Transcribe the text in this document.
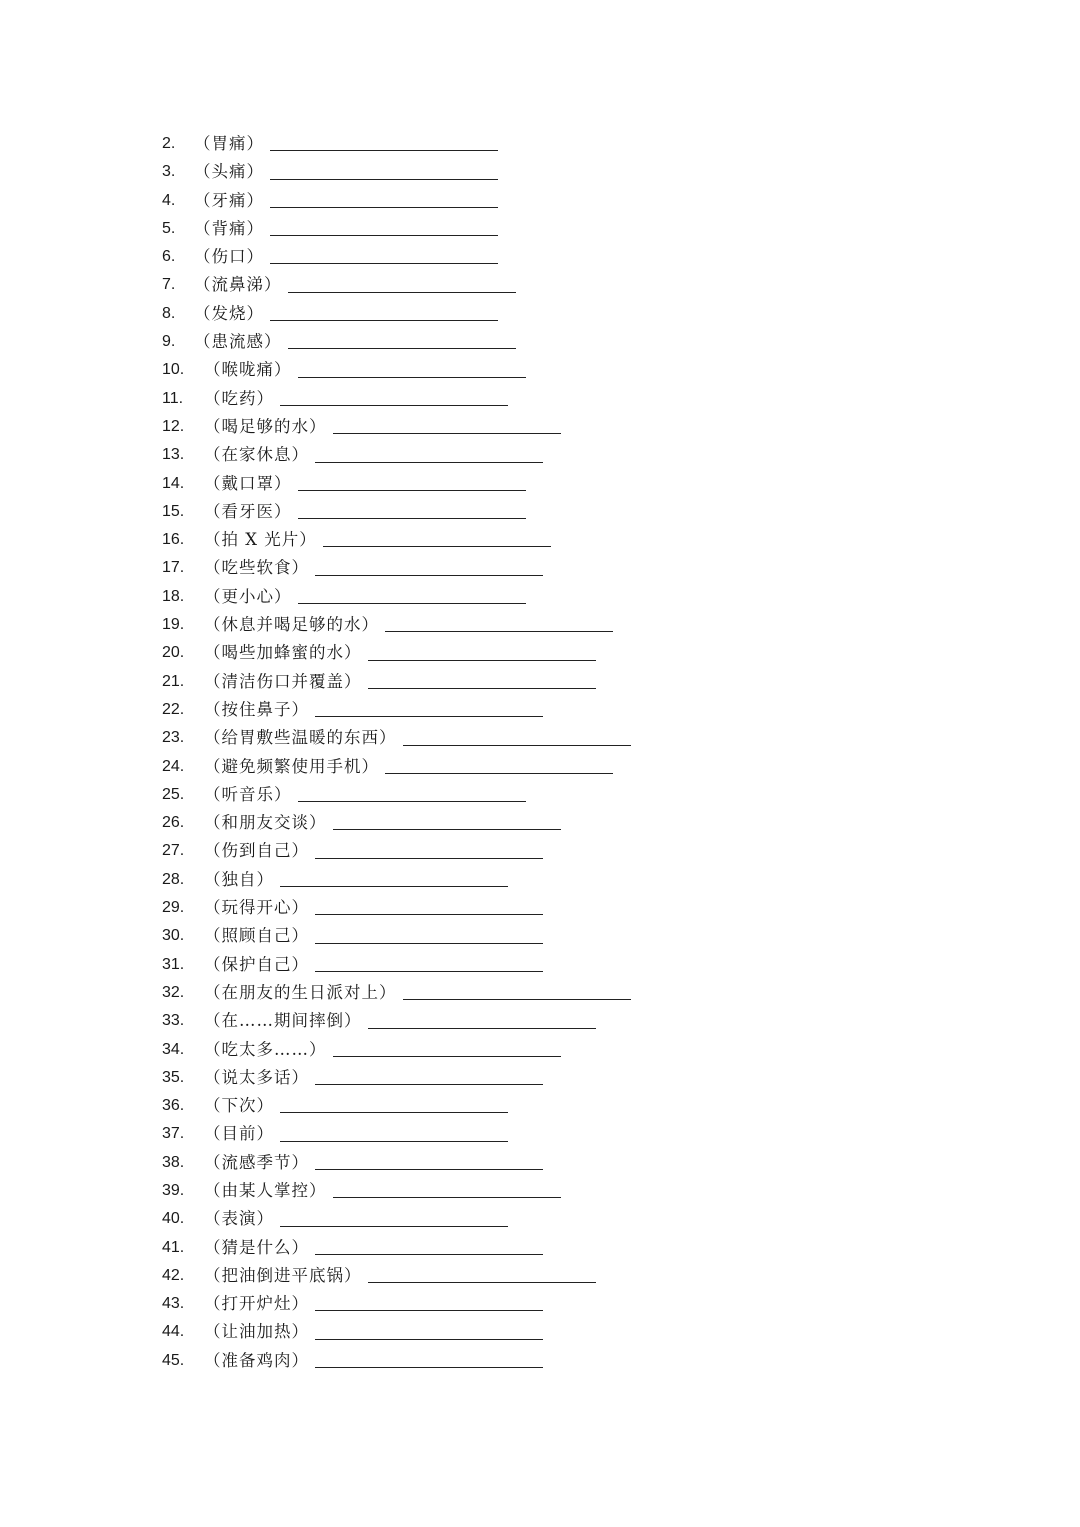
2.	（胃痛）
3.	（头痛）
4.	（牙痛）
5.	（背痛）
6.	（伤口）
7.	（流鼻涕）
8.	（发烧）
9.	（患流感）
10.	（喉咙痛）
11.	（吃药）
12.	（喝足够的水）
13.	（在家休息）
14.	（戴口罩）
15.	（看牙医）
16.	（拍 X 光片）
17.	（吃些软食）
18.	（更小心）
19.	（休息并喝足够的水）
20.	（喝些加蜂蜜的水）
21.	（清洁伤口并覆盖）
22.	（按住鼻子）
23.	（给胃敷些温暖的东西）
24.	（避免频繁使用手机）
25.	（听音乐）
26.	（和朋友交谈）
27.	（伤到自己）
28.	（独自）
29.	（玩得开心）
30.	（照顾自己）
31.	（保护自己）
32.	（在朋友的生日派对上）
33.	（在……期间摔倒）
34.	（吃太多……）
35.	（说太多话）
36.	（下次）
37.	（目前）
38.	（流感季节）
39.	（由某人掌控）
40.	（表演）
41.	（猜是什么）
42.	（把油倒进平底锅）
43.	（打开炉灶）
44.	（让油加热）
45.	（准备鸡肉）
